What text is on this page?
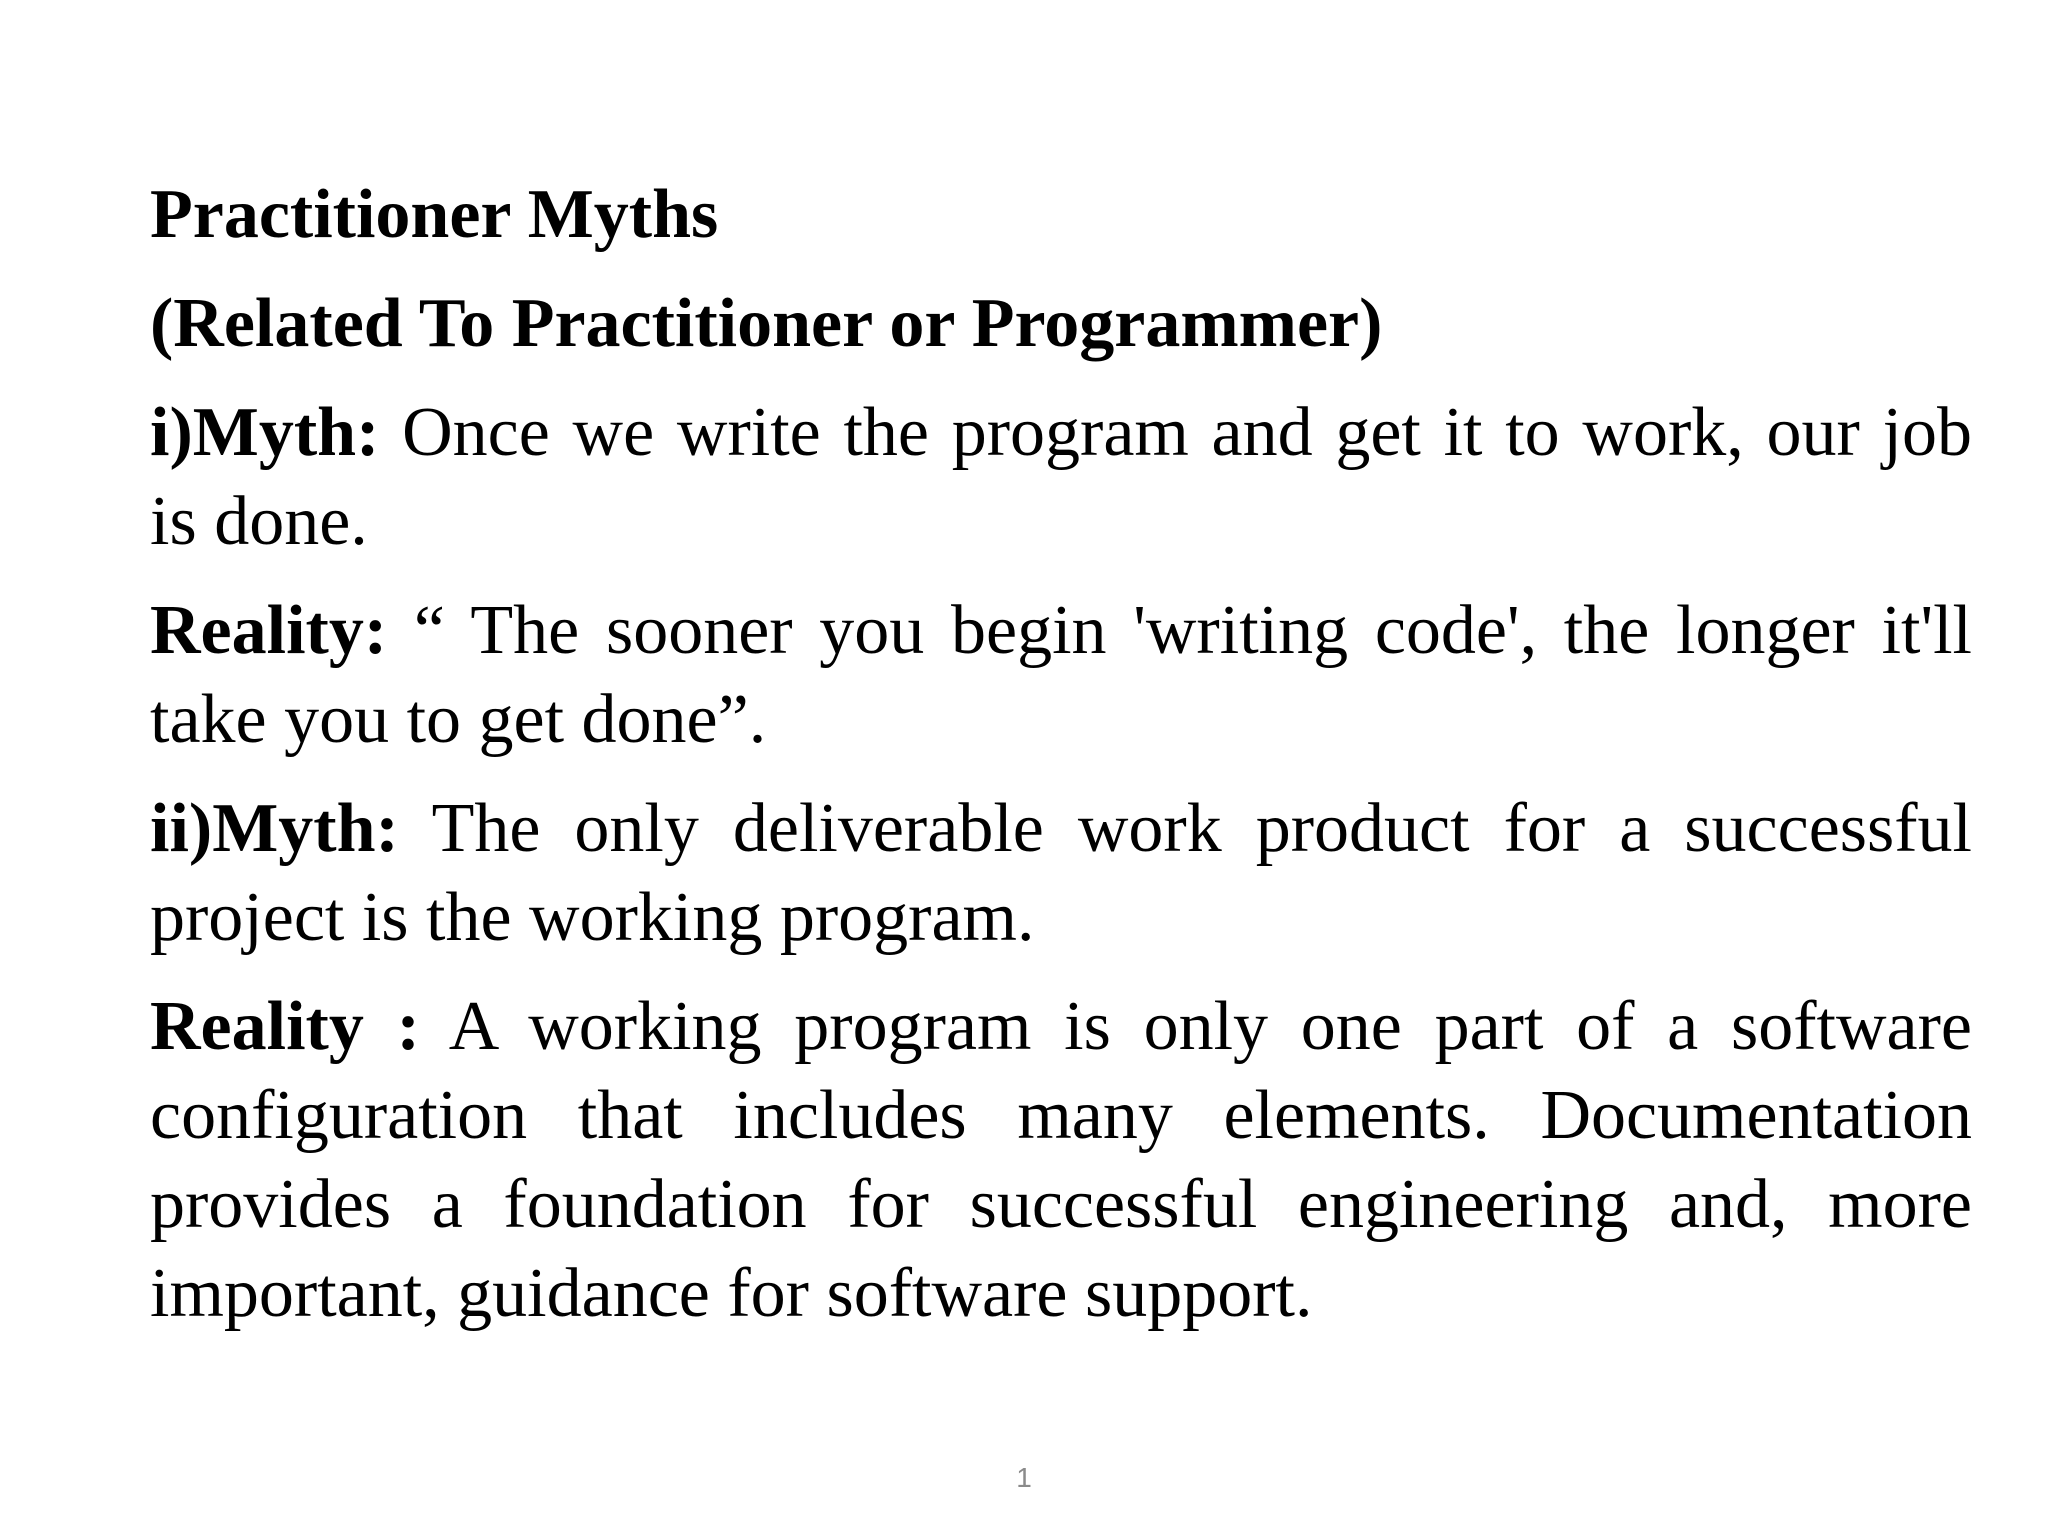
Practitioner Myths
(Related To Practitioner or Programmer)
i)Myth: Once we write the program and get it to work, our job is done.
Reality: “ The sooner you begin 'writing code', the longer it'll take you to get done”.
ii)Myth: The only deliverable work product for a successful project is the working program.
Reality : A working program is only one part of a software configuration that includes many elements. Documentation provides a foundation for successful engineering and, more important, guidance for software support.
1
